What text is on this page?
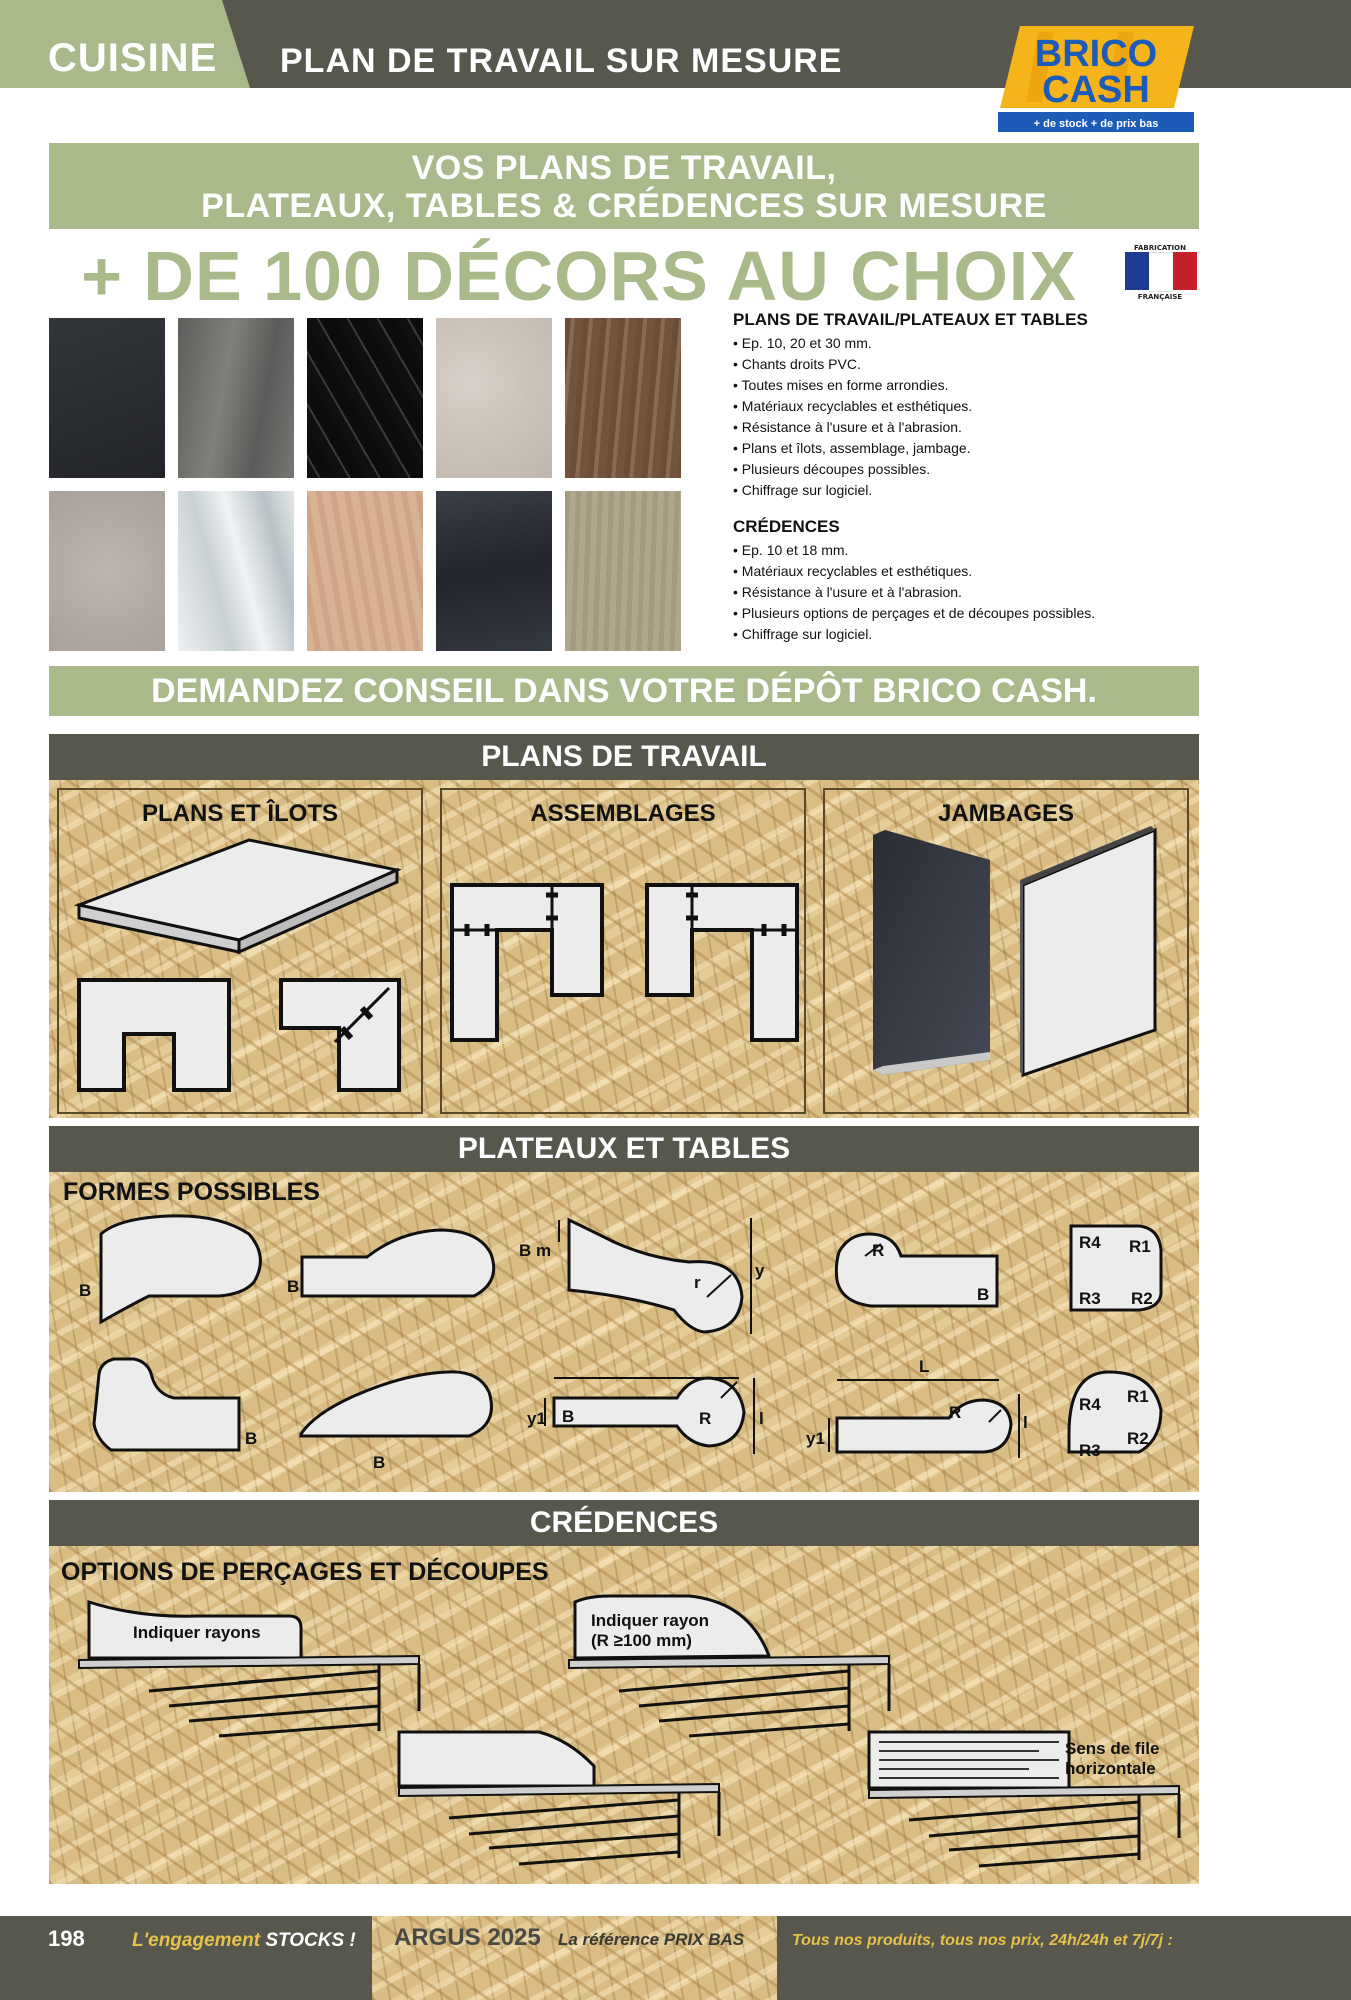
CUISINE PLAN DE TRAVAIL SUR MESURE	BRICO
CASH
+ de stock + de prix bas
VOS PLANS DE TRAVAIL,
PLATEAUX, TABLES & CRÉDENCES SUR MESURE
+ DE 100 DÉCORS AU CHOIX	FABRICATION
FRANÇAISE
PLANS DE TRAVAIL/PLATEAUX ET TABLES
• Ep. 10, 20 et 30 mm.
• Chants droits PVC.
• Toutes mises en forme arrondies.
• Matériaux recyclables et esthétiques.
• Résistance à l'usure et à l'abrasion.
• Plans et îlots, assemblage, jambage.
• Plusieurs découpes possibles.
• Chiffrage sur logiciel.
CRÉDENCES
• Ep. 10 et 18 mm.
• Matériaux recyclables et esthétiques.
• Résistance à l'usure et à l'abrasion.
• Plusieurs options de perçages et de découpes possibles.
• Chiffrage sur logiciel.
DEMANDEZ CONSEIL DANS VOTRE DÉPÔT BRICO CASH.
PLANS DE TRAVAIL
PLANS ET ÎLOTS	ASSEMBLAGES	JAMBAGES
PLATEAUX ET TABLES
FORMES POSSIBLES
B	B
B m
r
y
R
B
R4 R1
R3 R2
B
B
y1 B	R	l
L
y1
R
l
R4 R1
R3
R2
CRÉDENCES
OPTIONS DE PERÇAGES ET DÉCOUPES
Indiquer rayons
Indiquer rayon
(R ≥100 mm)
Sens de file
horizontale
198 L'engagement STOCKS ! ARGUS 2025 La référence PRIX BAS	Tous nos produits, tous nos prix, 24h/24h et 7j/7j :
